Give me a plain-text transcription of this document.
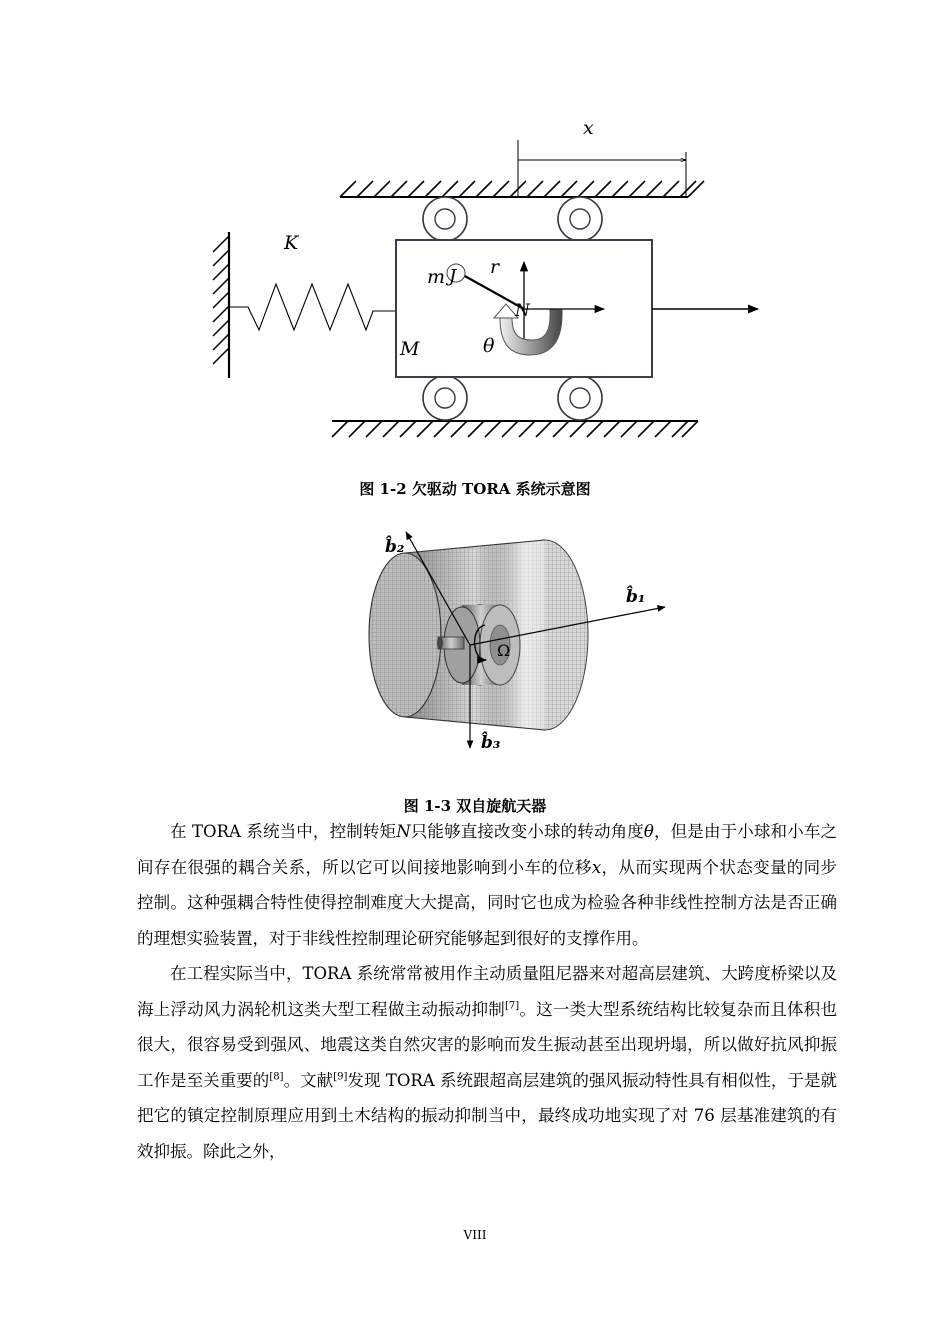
x
K
m J r
N
θ
M
图 1-2 欠驱动 TORA 系统示意图
b̂₂
b̂₁
b̂₃
Ω
图 1-3 双自旋航天器

在 TORA 系统当中，控制转矩N只能够直接改变小球的转动角度θ，但是由于小球和小车之间存在很强的耦合关系，所以它可以间接地影响到小车的位移x，从而实现两个状态变量的同步控制。这种强耦合特性使得控制难度大大提高，同时它也成为检验各种非线性控制方法是否正确的理想实验装置，对于非线性控制理论研究能够起到很好的支撑作用。

在工程实际当中，TORA 系统常常被用作主动质量阻尼器来对超高层建筑、大跨度桥梁以及海上浮动风力涡轮机这类大型工程做主动振动抑制[7]。这一类大型系统结构比较复杂而且体积也很大，很容易受到强风、地震这类自然灾害的影响而发生振动甚至出现坍塌，所以做好抗风抑振工作是至关重要的[8]。文献[9]发现 TORA 系统跟超高层建筑的强风振动特性具有相似性，于是就把它的镇定控制原理应用到土木结构的振动抑制当中，最终成功地实现了对 76 层基准建筑的有效抑振。除此之外，

VIII
